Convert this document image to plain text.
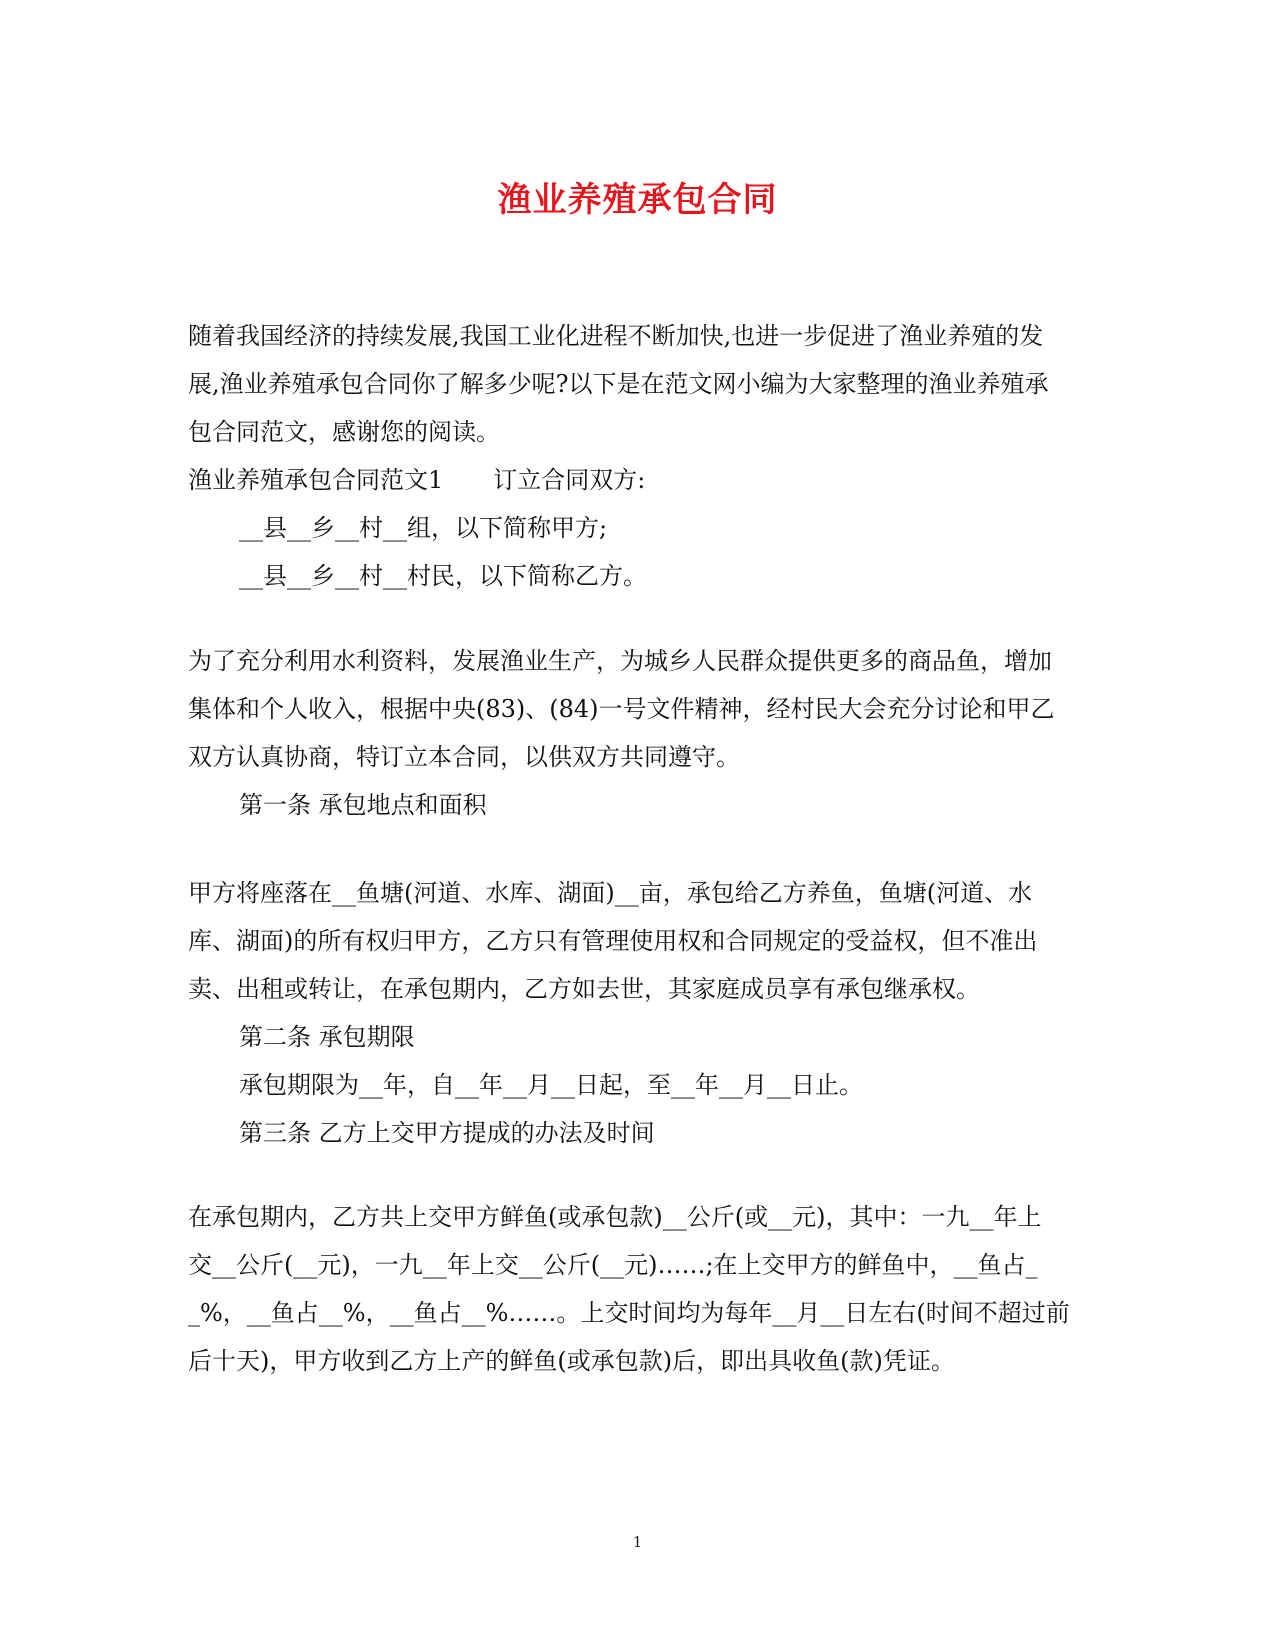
渔业养殖承包合同
随着我国经济的持续发展,我国工业化进程不断加快,也进一步促进了渔业养殖的发
展,渔业养殖承包合同你了解多少呢?以下是在范文网小编为大家整理的渔业养殖承
包合同范文，感谢您的阅读。
渔业养殖承包合同范文1 订立合同双方:
__县__乡__村__组，以下简称甲方;
__县__乡__村__村民，以下简称乙方。
为了充分利用水利资料，发展渔业生产，为城乡人民群众提供更多的商品鱼，增加
集体和个人收入，根据中央(83)、(84)一号文件精神，经村民大会充分讨论和甲乙
双方认真协商，特订立本合同，以供双方共同遵守。
第一条 承包地点和面积
甲方将座落在__鱼塘(河道、水库、湖面)__亩，承包给乙方养鱼，鱼塘(河道、水
库、湖面)的所有权归甲方，乙方只有管理使用权和合同规定的受益权，但不准出
卖、出租或转让，在承包期内，乙方如去世，其家庭成员享有承包继承权。
第二条 承包期限
承包期限为__年，自__年__月__日起，至__年__月__日止。
第三条 乙方上交甲方提成的办法及时间
在承包期内，乙方共上交甲方鲜鱼(或承包款)__公斤(或__元)，其中：一九__年上
交__公斤(__元)，一九__年上交__公斤(__元)……;在上交甲方的鲜鱼中，__鱼占_
_%，__鱼占__%，__鱼占__%……。上交时间均为每年__月__日左右(时间不超过前
后十天)，甲方收到乙方上产的鲜鱼(或承包款)后，即出具收鱼(款)凭证。
1
